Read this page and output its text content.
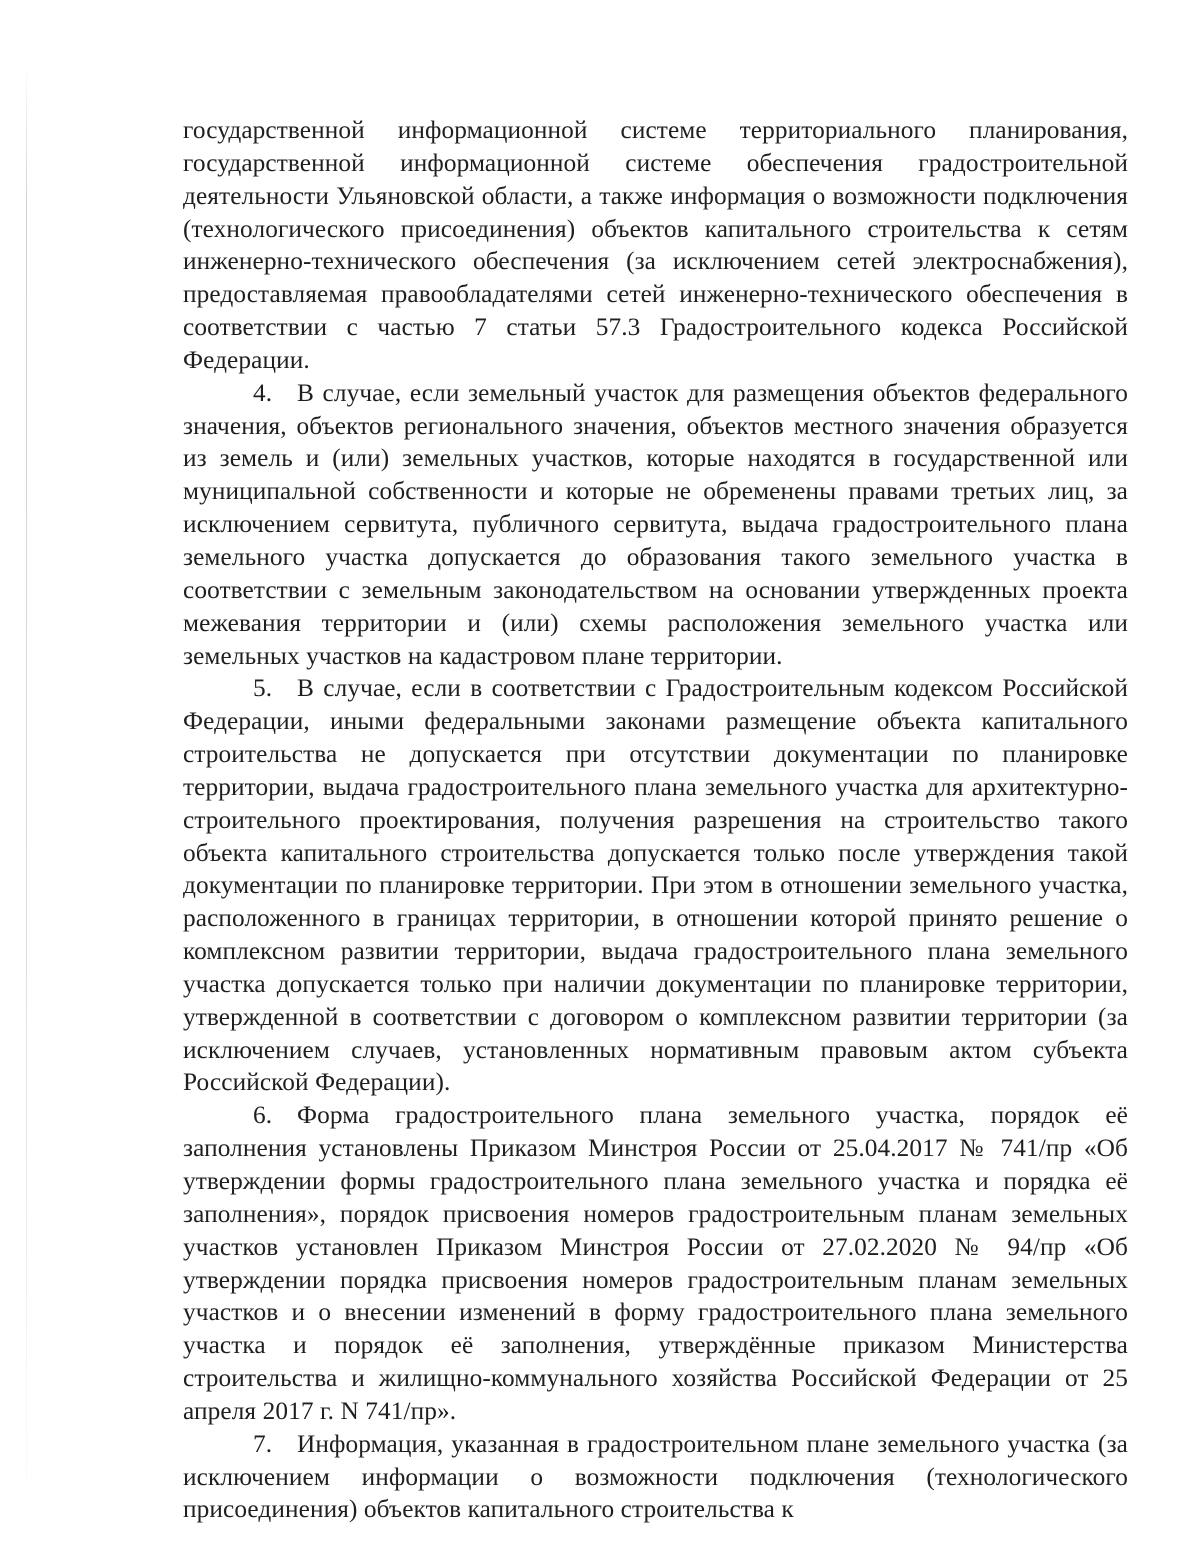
государственной информационной системе территориального планирования, государственной информационной системе обеспечения градостроительной деятельности Ульяновской области, а также информация о возможности подключения (технологического присоединения) объектов капитального строительства к сетям инженерно-технического обеспечения (за исключением сетей электроснабжения), предоставляемая правообладателями сетей инженерно-технического обеспечения в соответствии с частью 7 статьи 57.3 Градостроительного кодекса Российской Федерации.

4. В случае, если земельный участок для размещения объектов федерального значения, объектов регионального значения, объектов местного значения образуется из земель и (или) земельных участков, которые находятся в государственной или муниципальной собственности и которые не обременены правами третьих лиц, за исключением сервитута, публичного сервитута, выдача градостроительного плана земельного участка допускается до образования такого земельного участка в соответствии с земельным законодательством на основании утвержденных проекта межевания территории и (или) схемы расположения земельного участка или земельных участков на кадастровом плане территории.

5. В случае, если в соответствии с Градостроительным кодексом Российской Федерации, иными федеральными законами размещение объекта капитального строительства не допускается при отсутствии документации по планировке территории, выдача градостроительного плана земельного участка для архитектурно-строительного проектирования, получения разрешения на строительство такого объекта капитального строительства допускается только после утверждения такой документации по планировке территории. При этом в отношении земельного участка, расположенного в границах территории, в отношении которой принято решение о комплексном развитии территории, выдача градостроительного плана земельного участка допускается только при наличии документации по планировке территории, утвержденной в соответствии с договором о комплексном развитии территории (за исключением случаев, установленных нормативным правовым актом субъекта Российской Федерации).

6. Форма градостроительного плана земельного участка, порядок её заполнения установлены Приказом Минстроя России от 25.04.2017 № 741/пр «Об утверждении формы градостроительного плана земельного участка и порядка её заполнения», порядок присвоения номеров градостроительным планам земельных участков установлен Приказом Минстроя России от 27.02.2020 № 94/пр «Об утверждении порядка присвоения номеров градостроительным планам земельных участков и о внесении изменений в форму градостроительного плана земельного участка и порядок её заполнения, утверждённые приказом Министерства строительства и жилищно-коммунального хозяйства Российской Федерации от 25 апреля 2017 г. N 741/пр».

7. Информация, указанная в градостроительном плане земельного участка (за исключением информации о возможности подключения (технологического присоединения) объектов капитального строительства к
